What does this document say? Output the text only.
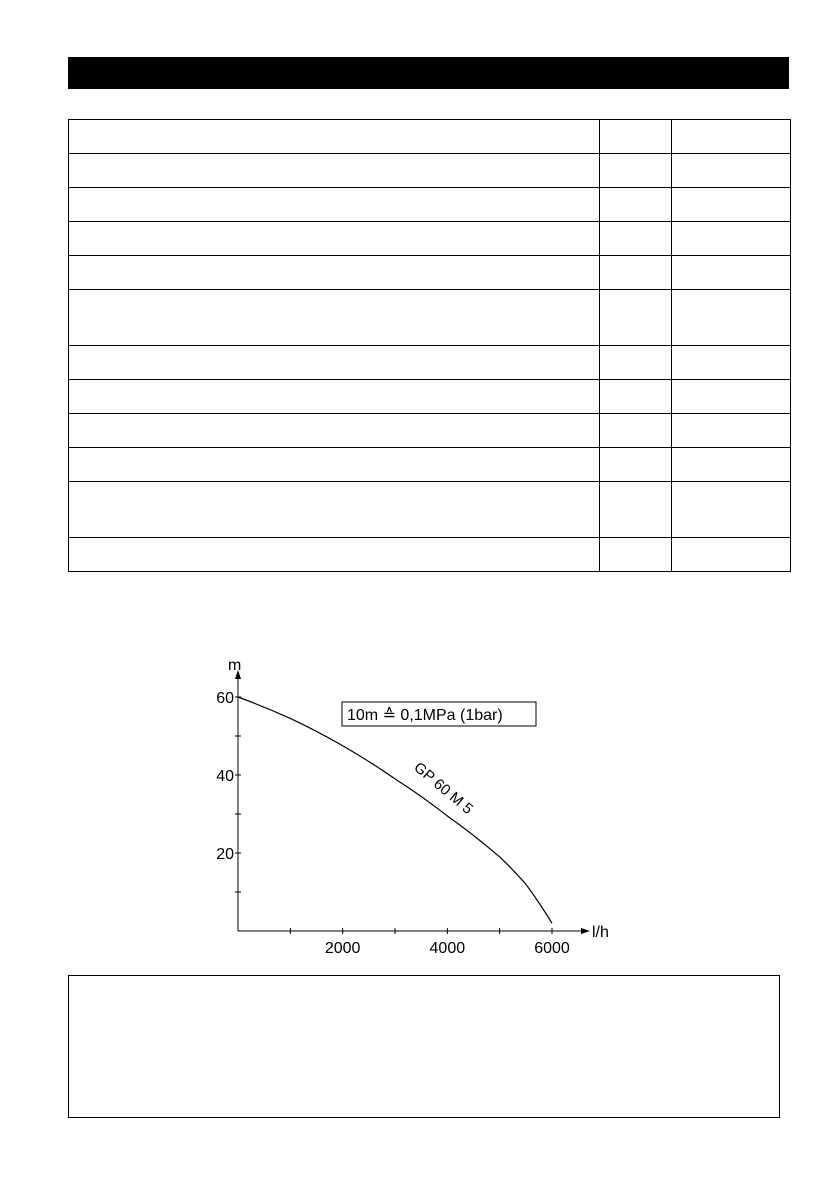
l/h
m
2000	4000	6000
20
40
60
GP 60 M 5
10m ≙ 0,1MPa (1bar)
